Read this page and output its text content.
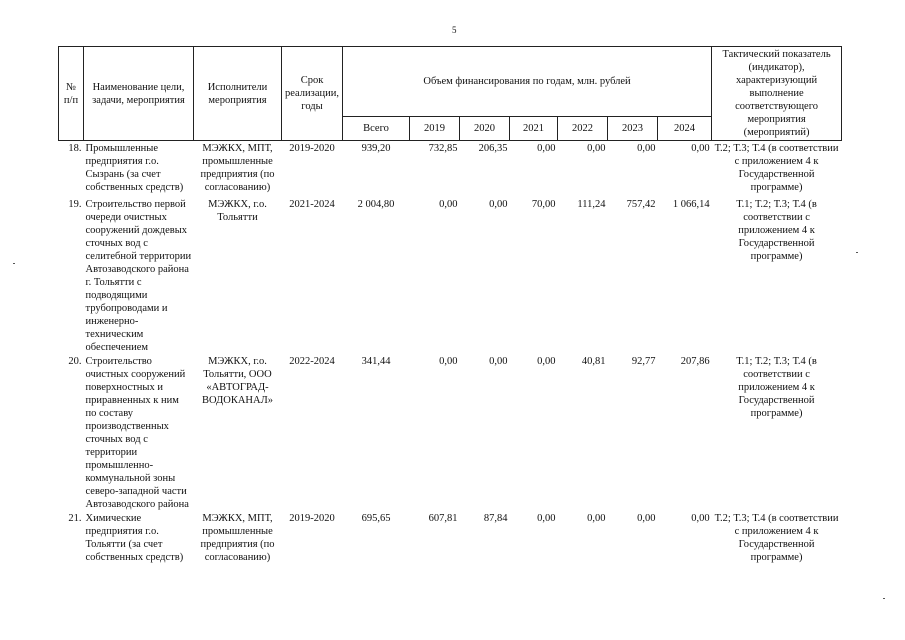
5
№ п/п	Наименование цели, задачи, мероприятия	Исполнители мероприятия	Срок реализации, годы	Объем финансирования по годам, млн. рублей							Тактический показатель (индикатор), характеризующий выполнение соответствующего мероприятия (мероприятий)
				Всего	2019	2020	2021	2022	2023	2024	
18.	Промышленные предприятия г.о. Сызрань (за счет собственных средств)	МЭЖКХ, МПТ, промышленные предприятия (по согласованию)	2019-2020	939,20	732,85	206,35	0,00	0,00	0,00	0,00	Т.2; Т.3; Т.4 (в соответствии с приложением 4 к Государственной программе)
19.	Строительство первой очереди очистных сооружений дождевых сточных вод с селитебной территории Автозаводского района г. Тольятти с подводящими трубопроводами и инженерно-техническим обеспечением	МЭЖКХ, г.о. Тольятти	2021-2024	2 004,80	0,00	0,00	70,00	111,24	757,42	1 066,14	Т.1; Т.2; Т.3; Т.4 (в соответствии с приложением 4 к Государственной программе)
20.	Строительство очистных сооружений поверхностных и приравненных к ним по составу производственных сточных вод с территории промышленно-коммунальной зоны северо-западной части Автозаводского района	МЭЖКХ, г.о. Тольятти, ООО «АВТОГРАД-ВОДОКАНАЛ»	2022-2024	341,44	0,00	0,00	0,00	40,81	92,77	207,86	Т.1; Т.2; Т.3; Т.4 (в соответствии с приложением 4 к Государственной программе)
21.	Химические предприятия г.о. Тольятти (за счет собственных средств)	МЭЖКХ, МПТ, промышленные предприятия (по согласованию)	2019-2020	695,65	607,81	87,84	0,00	0,00	0,00	0,00	Т.2; Т.3; Т.4 (в соответствии с приложением 4 к Государственной программе)
